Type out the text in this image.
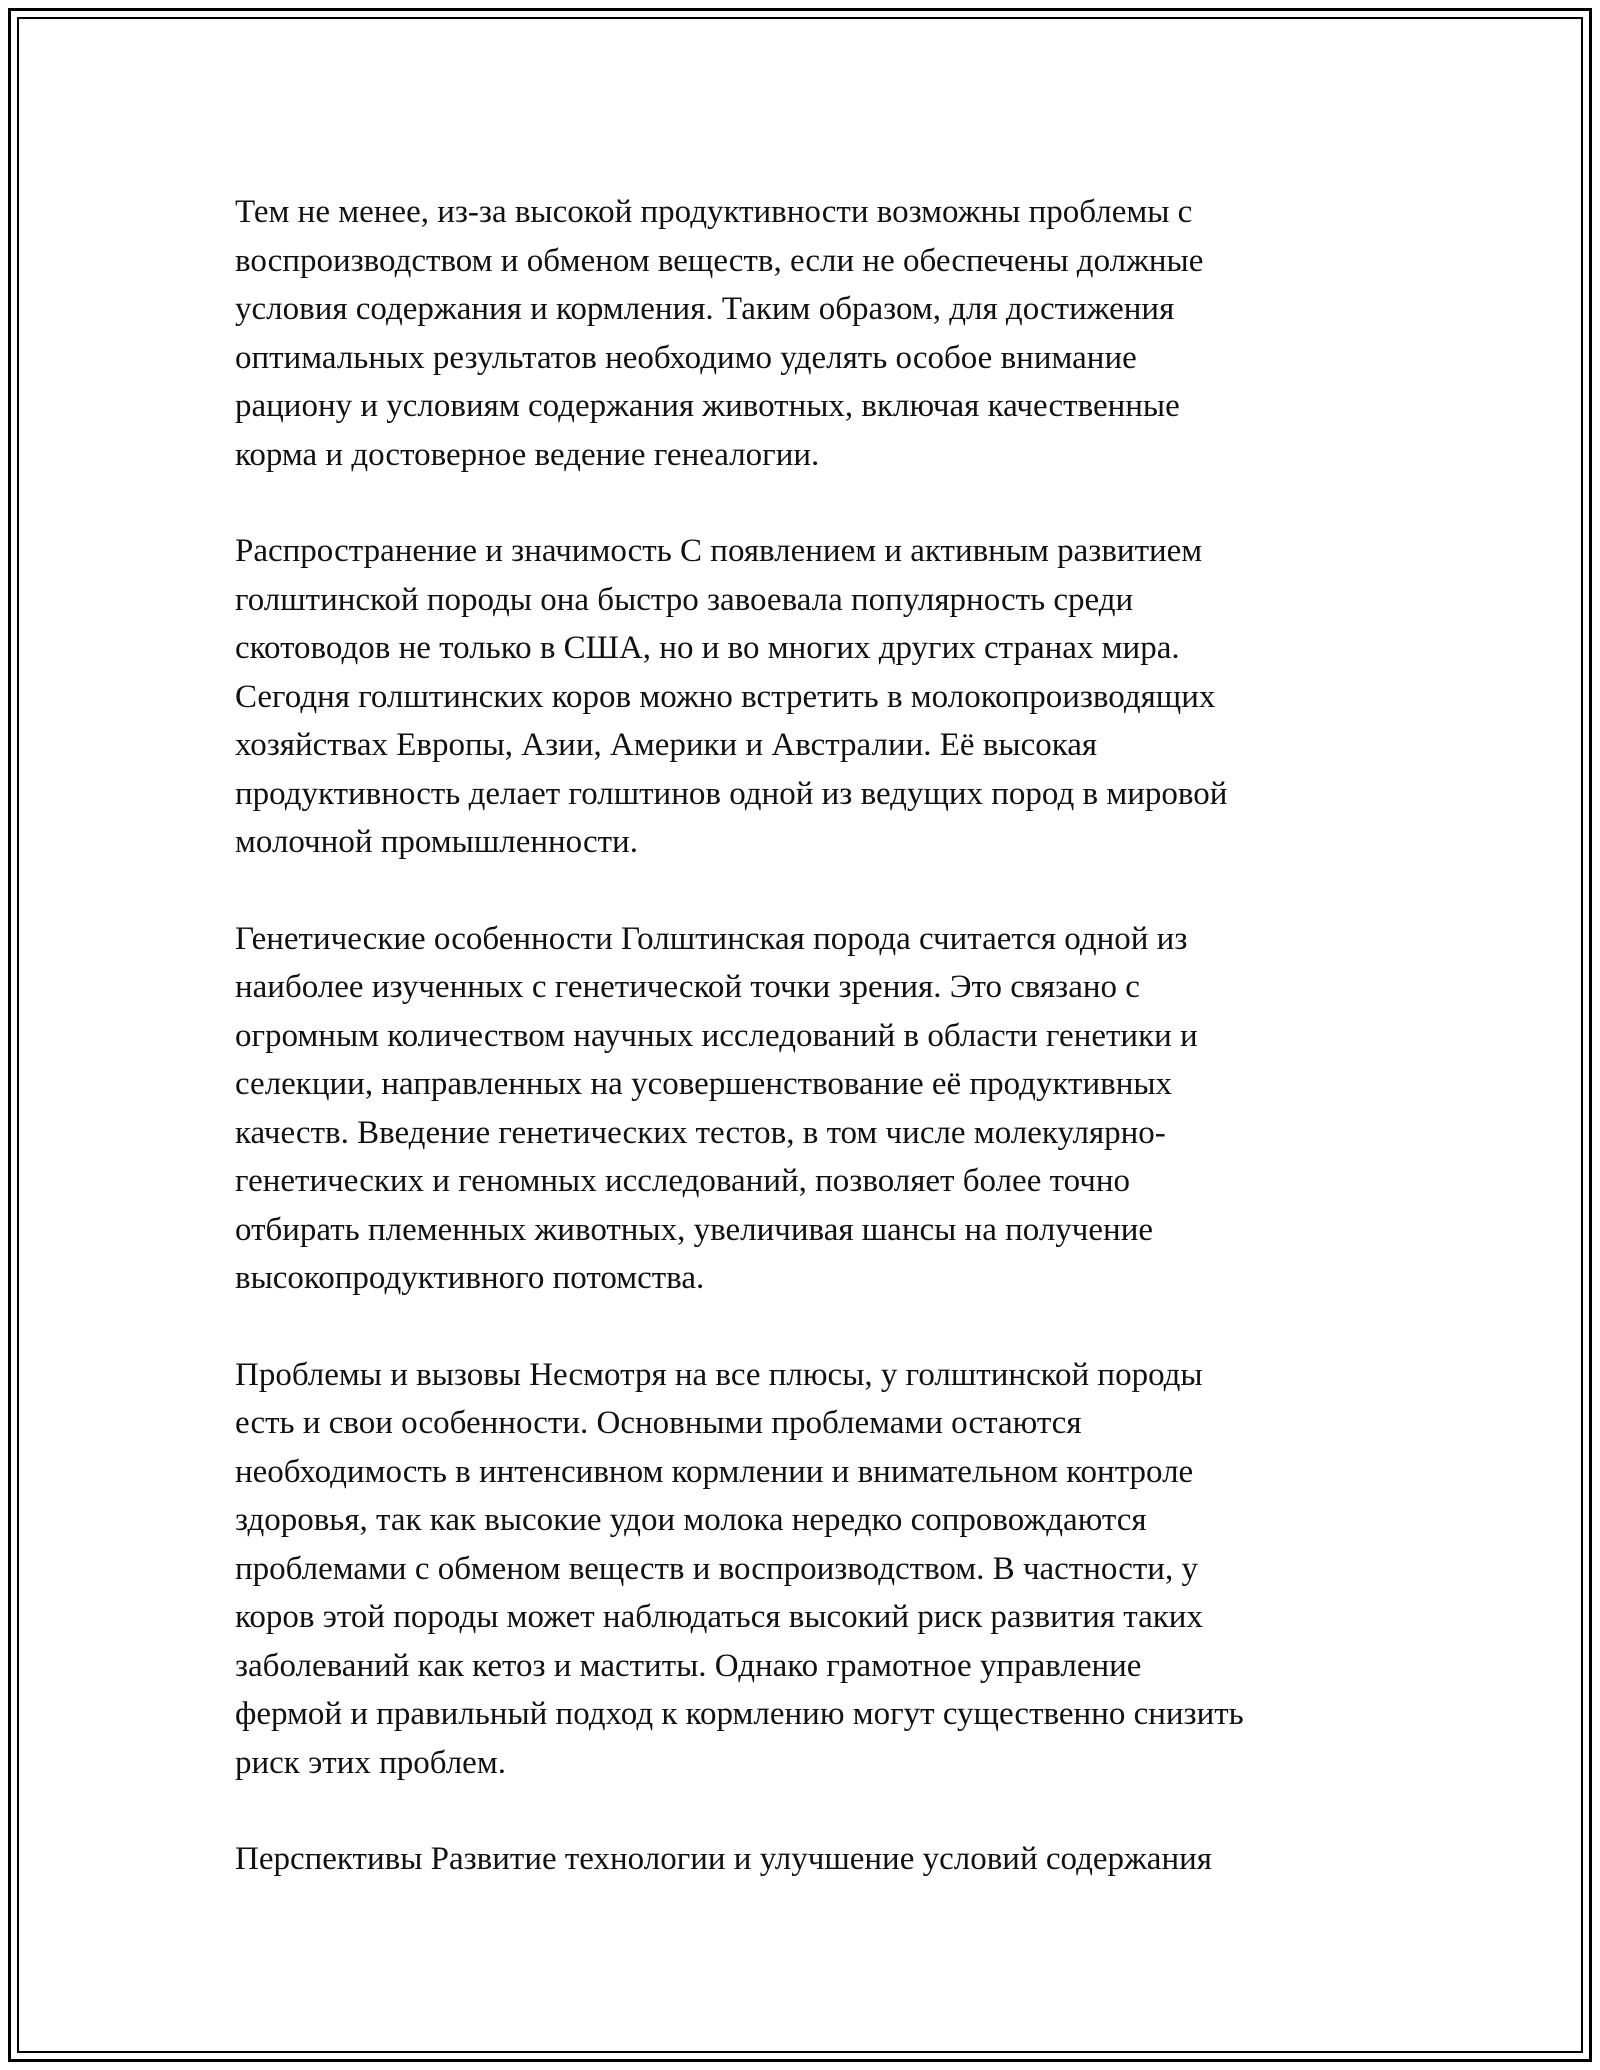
Тем не менее, из-за высокой продуктивности возможны проблемы с
воспроизводством и обменом веществ, если не обеспечены должные
условия содержания и кормления. Таким образом, для достижения
оптимальных результатов необходимо уделять особое внимание
рациону и условиям содержания животных, включая качественные
корма и достоверное ведение генеалогии.

Распространение и значимость С появлением и активным развитием
голштинской породы она быстро завоевала популярность среди
скотоводов не только в США, но и во многих других странах мира.
Сегодня голштинских коров можно встретить в молокопроизводящих
хозяйствах Европы, Азии, Америки и Австралии. Её высокая
продуктивность делает голштинов одной из ведущих пород в мировой
молочной промышленности.

Генетические особенности Голштинская порода считается одной из
наиболее изученных с генетической точки зрения. Это связано с
огромным количеством научных исследований в области генетики и
селекции, направленных на усовершенствование её продуктивных
качеств. Введение генетических тестов, в том числе молекулярно-
генетических и геномных исследований, позволяет более точно
отбирать племенных животных, увеличивая шансы на получение
высокопродуктивного потомства.

Проблемы и вызовы Несмотря на все плюсы, у голштинской породы
есть и свои особенности. Основными проблемами остаются
необходимость в интенсивном кормлении и внимательном контроле
здоровья, так как высокие удои молока нередко сопровождаются
проблемами с обменом веществ и воспроизводством. В частности, у
коров этой породы может наблюдаться высокий риск развития таких
заболеваний как кетоз и маститы. Однако грамотное управление
фермой и правильный подход к кормлению могут существенно снизить
риск этих проблем.

Перспективы Развитие технологии и улучшение условий содержания
